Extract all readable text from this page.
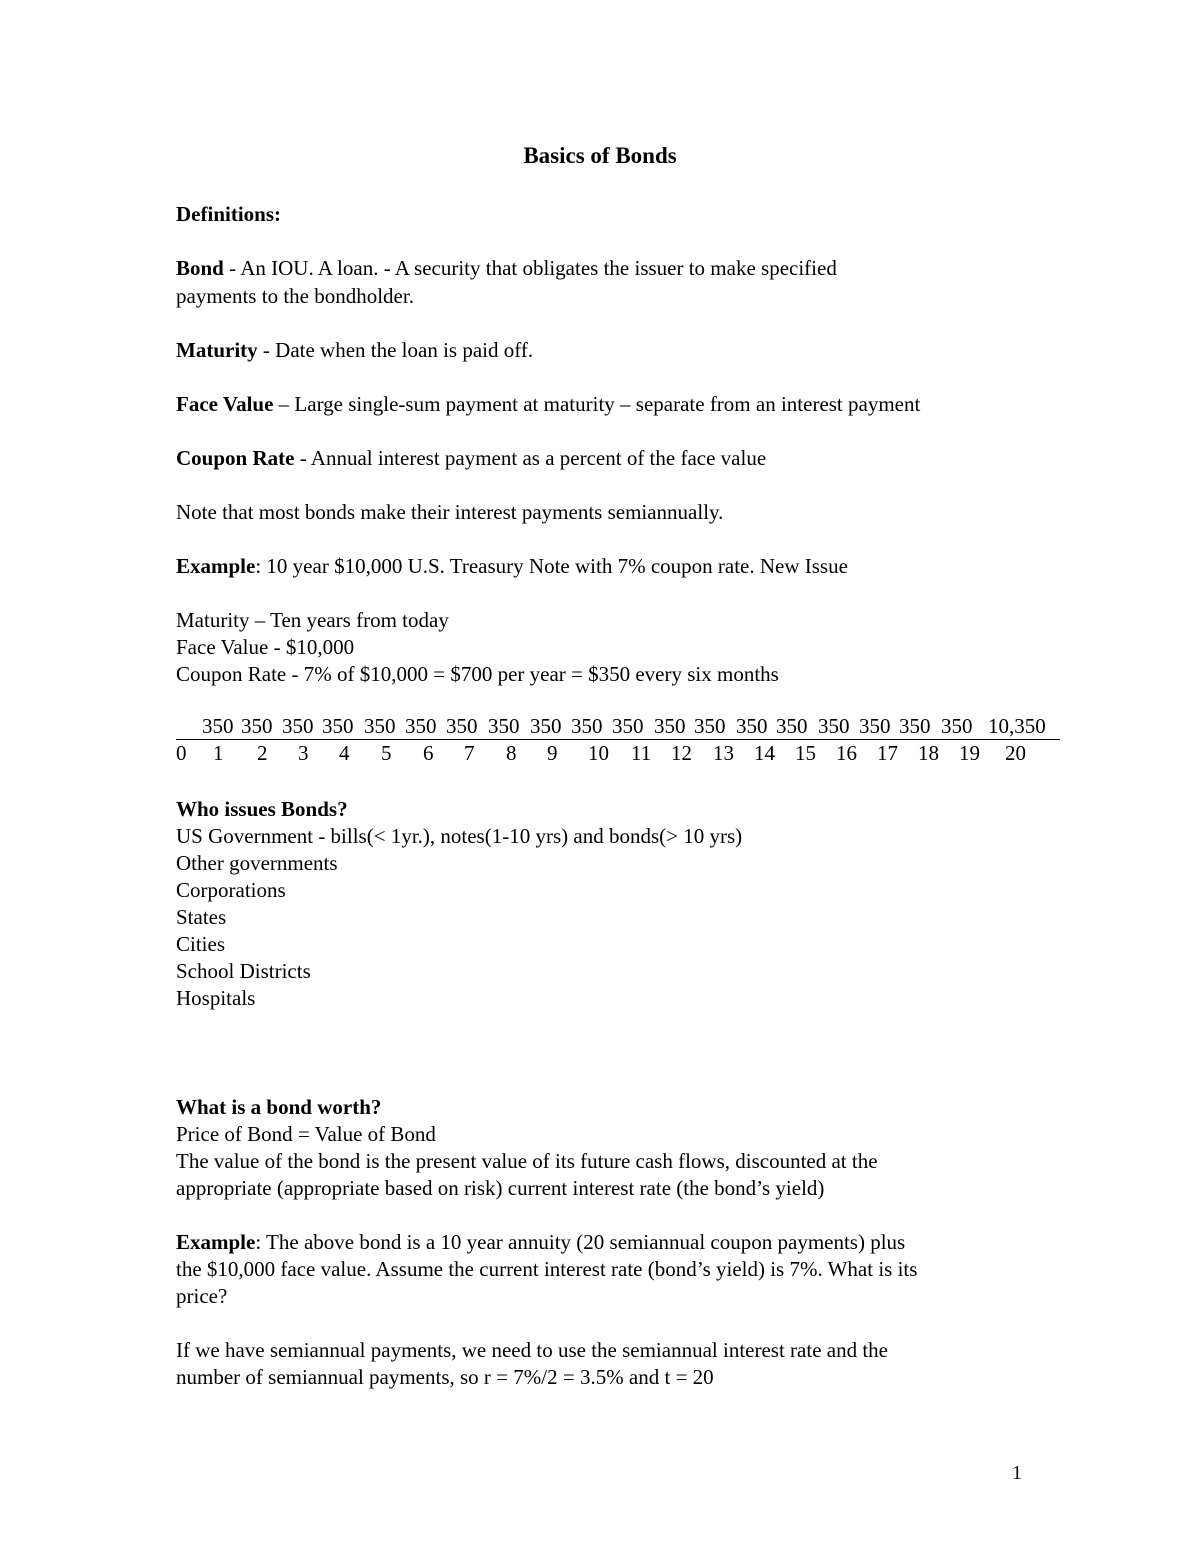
Basics of Bonds
Definitions:
Bond - An IOU. A loan. - A security that obligates the issuer to make specified
payments to the bondholder.
Maturity - Date when the loan is paid off.
Face Value – Large single-sum payment at maturity – separate from an interest payment
Coupon Rate - Annual interest payment as a percent of the face value
Note that most bonds make their interest payments semiannually.
Example: 10 year $10,000 U.S. Treasury Note with 7% coupon rate. New Issue
Maturity – Ten years from today
Face Value - $10,000
Coupon Rate - 7% of $10,000 = $700 per year = $350 every six months
350 350 350 350 350 350 350 350 350 350 350 350 350 350 350 350 350 350 350 10,350
0 1 2 3 4 5 6 7 8 9 10 11 12 13 14 15 16 17 18 19 20
Who issues Bonds?
US Government - bills(< 1yr.), notes(1-10 yrs) and bonds(> 10 yrs)
Other governments
Corporations
States
Cities
School Districts
Hospitals
What is a bond worth?
Price of Bond = Value of Bond
The value of the bond is the present value of its future cash flows, discounted at the
appropriate (appropriate based on risk) current interest rate (the bond’s yield)
Example: The above bond is a 10 year annuity (20 semiannual coupon payments) plus
the $10,000 face value. Assume the current interest rate (bond’s yield) is 7%. What is its
price?
If we have semiannual payments, we need to use the semiannual interest rate and the
number of semiannual payments, so r = 7%/2 = 3.5% and t = 20
1
